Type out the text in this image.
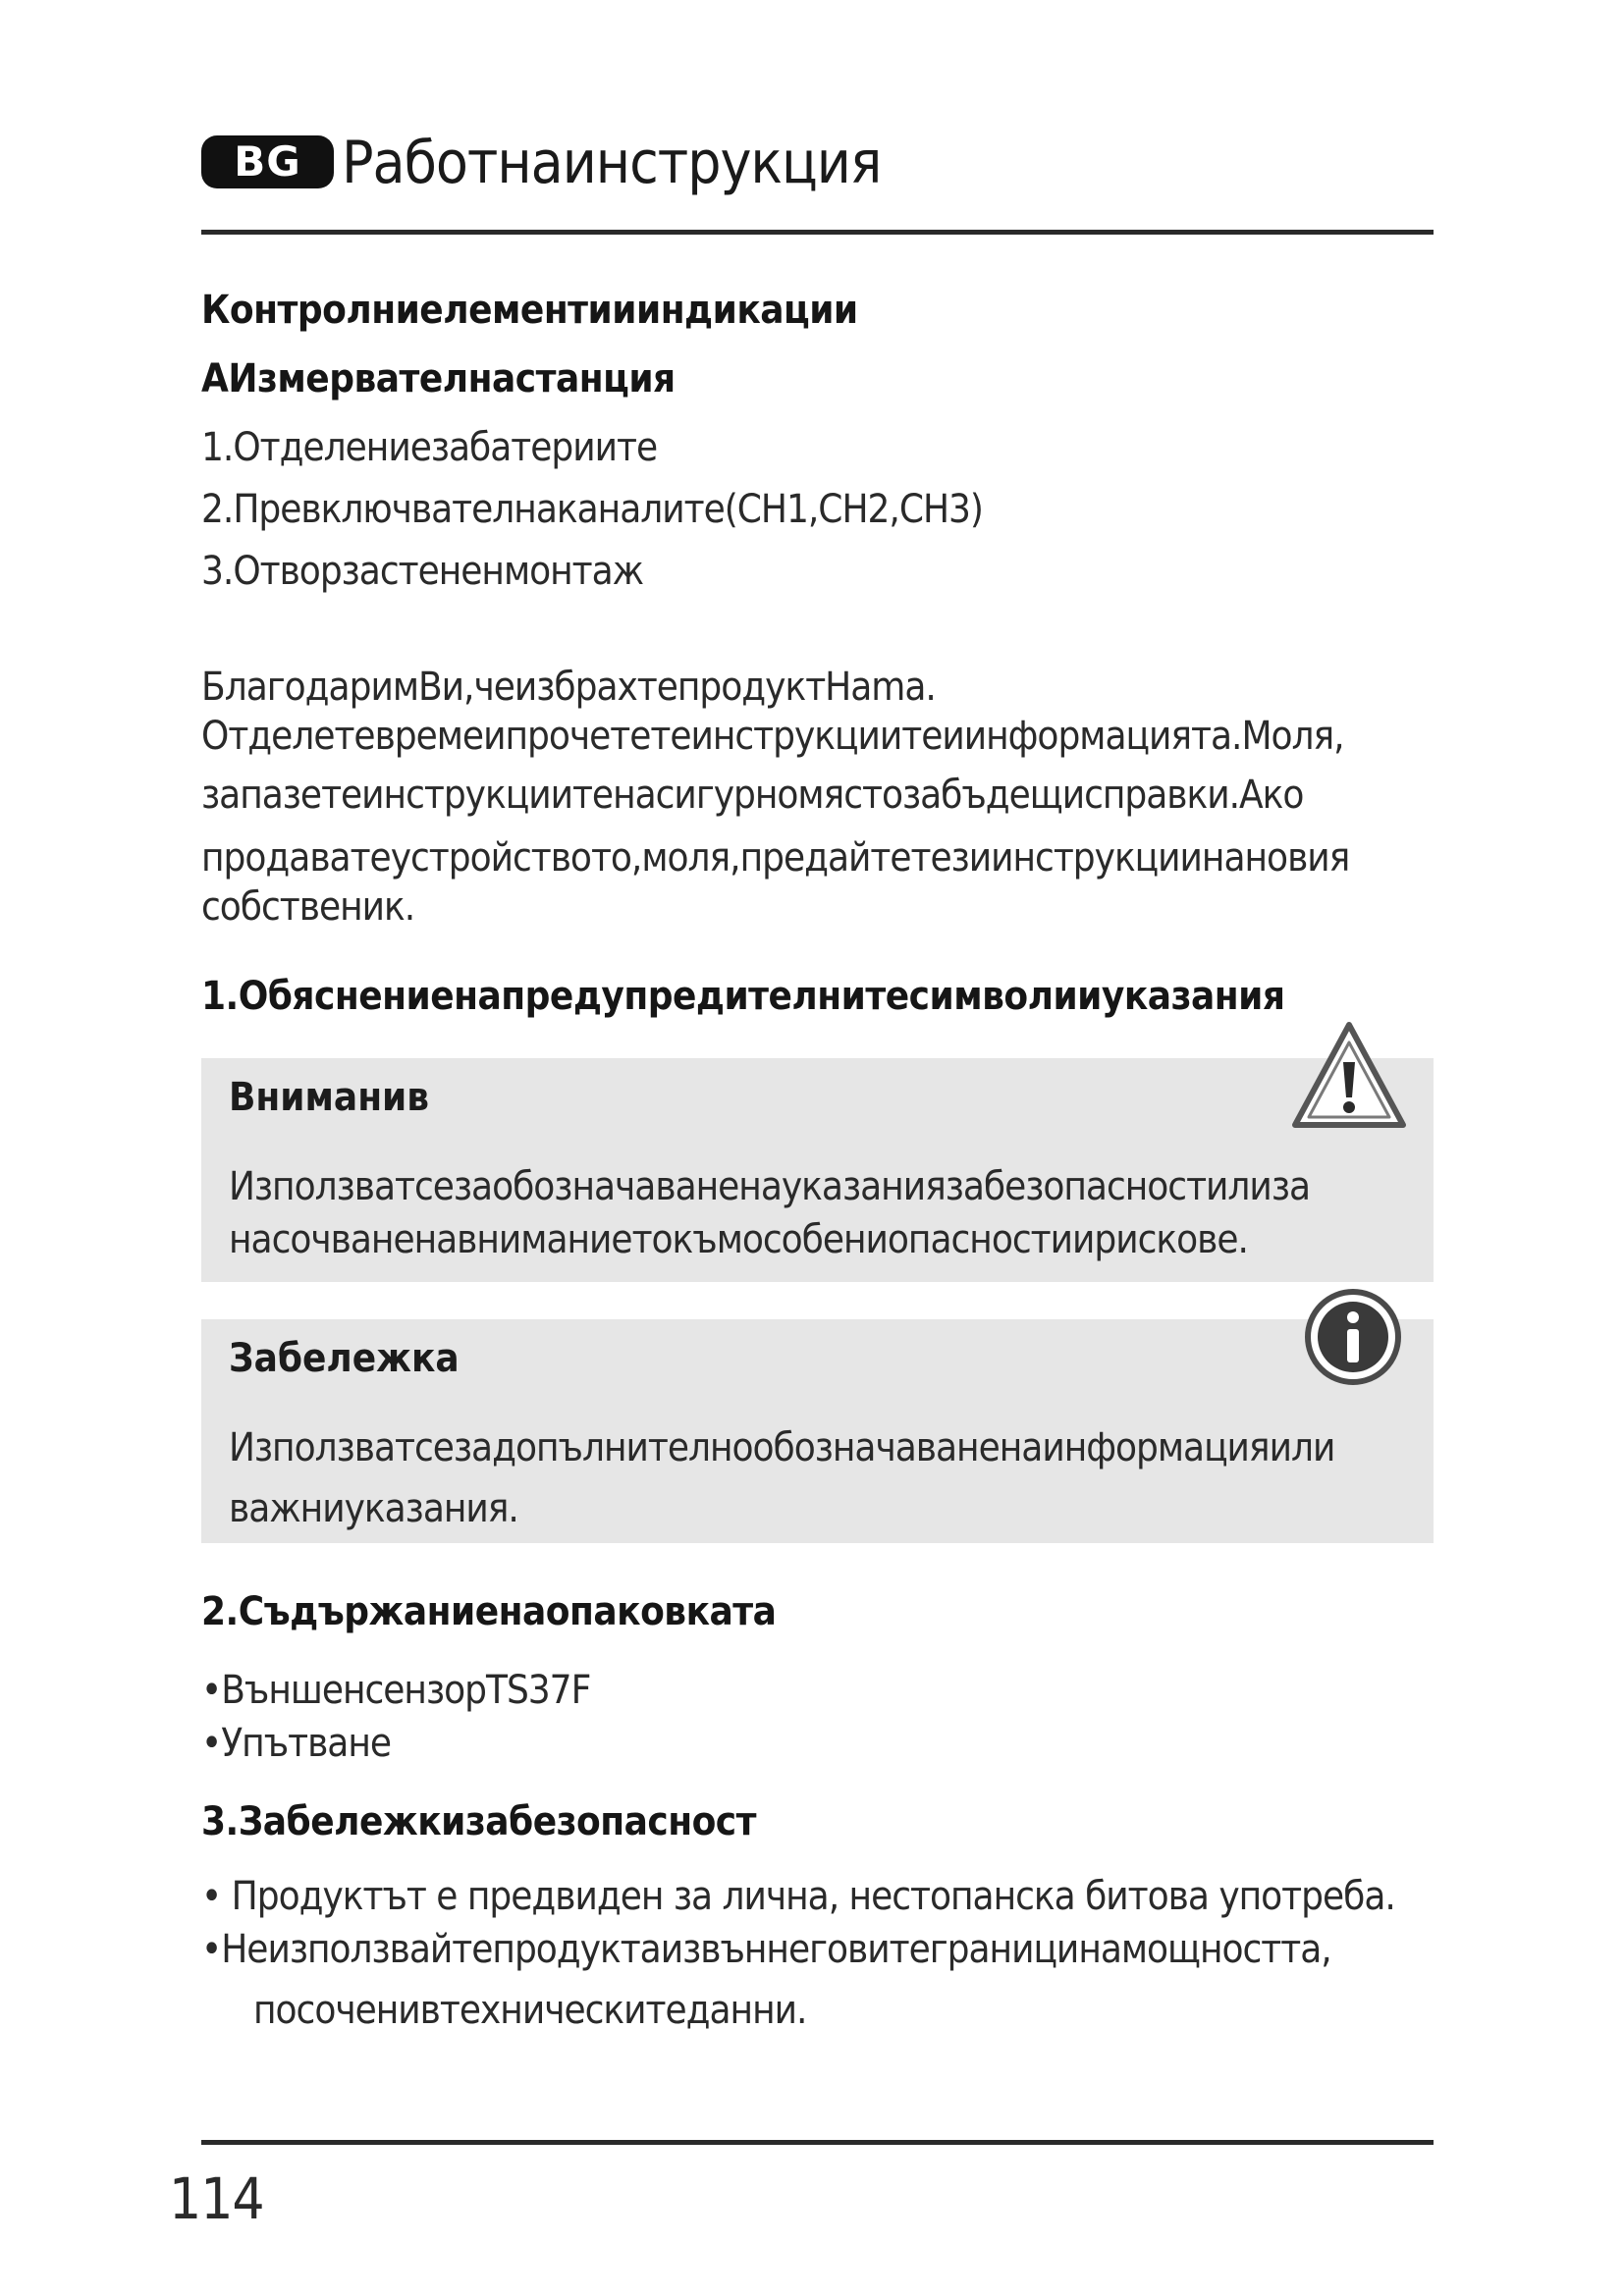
BG Работнаинструкция
Контролниелементиииндикации
АИзмервателнастанция
1.Отделениезабатериите
2.Превключвателнаканалите(CH1,CH2,CH3)
3.Отворзастененмонтаж
БлагодаримВи,чеизбрахтепродуктHama.
Отделетевремеипрочететеинструкциитеиинформацията.Моля,
запазетеинструкциитенасигурномястозабъдещисправки.Ако
продаватеустройството,моля,предайтетезиинструкциинановия
собственик.
1.Обяснениенапредупредителнитесимволииуказания
Вниманив
Използватсезаобозначаваненауказаниязабезопасностилиза
насочваненавниманиетокъмособениопасностиирискове.
Забележка
Използватсезадопълнителнообозначаваненаинформацияили
важниуказания.
2.Съдържаниенаопаковката
•ВъншенсензорTS37F
•Упътване
3.Забележкизабезопасност
• Продуктът е предвиден за лична, нестопанска битова употреба.
•Неизползвайтепродуктаизвъннеговитеграницинамощността,
посоченивтехническитеданни.
114
